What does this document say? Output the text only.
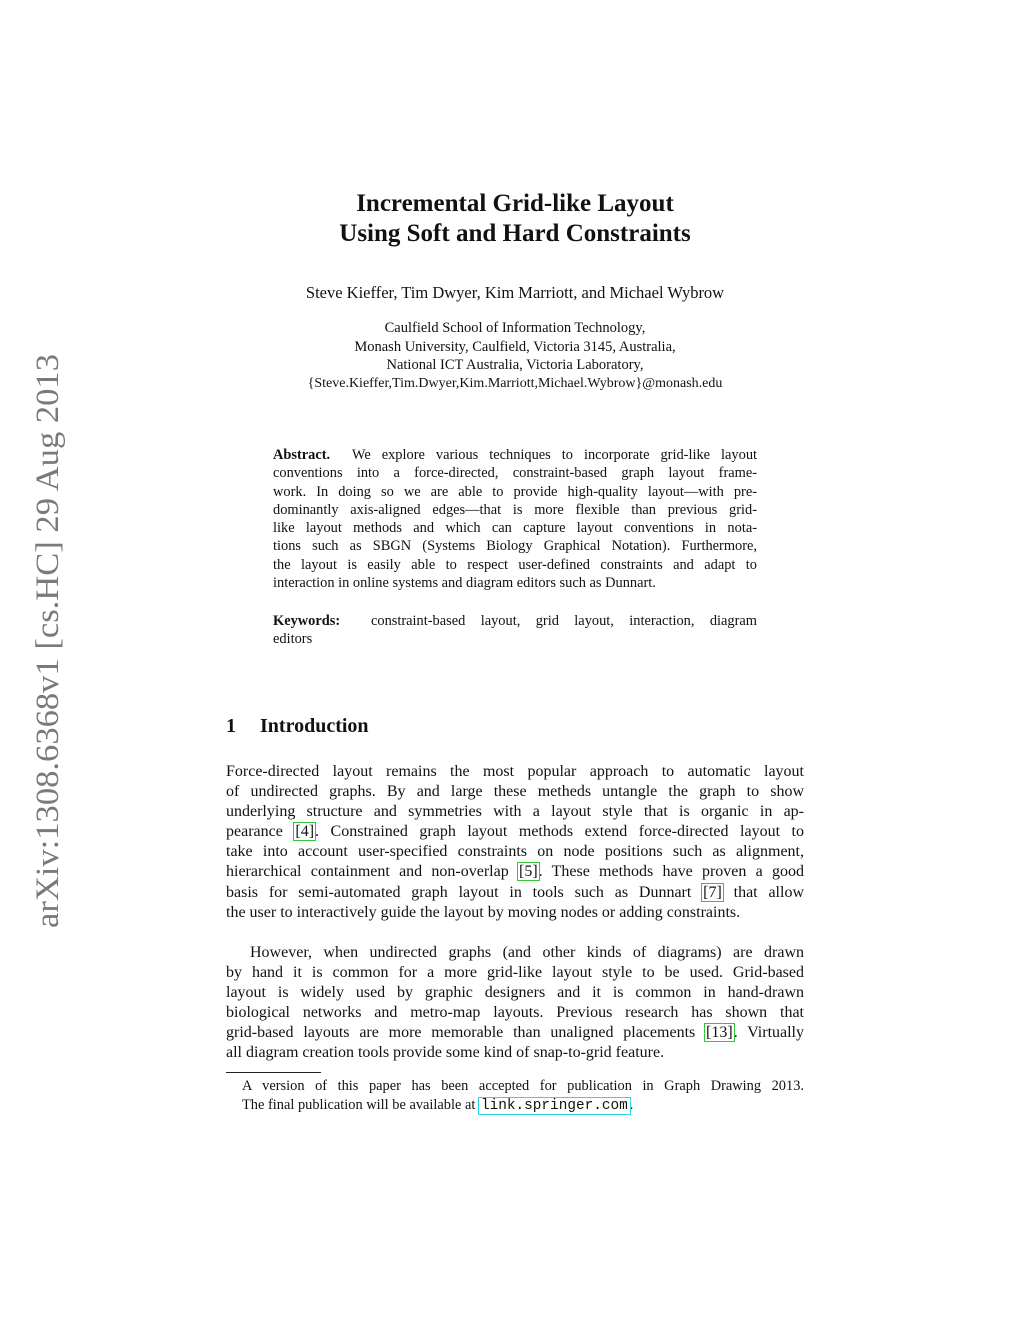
arXiv:1308.6368v1 [cs.HC] 29 Aug 2013
Incremental Grid-like Layout
Using Soft and Hard Constraints
Steve Kieffer, Tim Dwyer, Kim Marriott, and Michael Wybrow
Caulfield School of Information Technology,
Monash University, Caulfield, Victoria 3145, Australia,
National ICT Australia, Victoria Laboratory,
{Steve.Kieffer,Tim.Dwyer,Kim.Marriott,Michael.Wybrow}@monash.edu
Abstract. We explore various techniques to incorporate grid-like layout
conventions into a force-directed, constraint-based graph layout frame-
work. In doing so we are able to provide high-quality layout—with pre-
dominantly axis-aligned edges—that is more flexible than previous grid-
like layout methods and which can capture layout conventions in nota-
tions such as SBGN (Systems Biology Graphical Notation). Furthermore,
the layout is easily able to respect user-defined constraints and adapt to
interaction in online systems and diagram editors such as Dunnart.
Keywords: constraint-based layout, grid layout, interaction, diagram
editors
1 Introduction
Force-directed layout remains the most popular approach to automatic layout
of undirected graphs. By and large these metheds untangle the graph to show
underlying structure and symmetries with a layout style that is organic in ap-
pearance [4]. Constrained graph layout methods extend force-directed layout to
take into account user-specified constraints on node positions such as alignment,
hierarchical containment and non-overlap [5]. These methods have proven a good
basis for semi-automated graph layout in tools such as Dunnart [7] that allow
the user to interactively guide the layout by moving nodes or adding constraints.
However, when undirected graphs (and other kinds of diagrams) are drawn
by hand it is common for a more grid-like layout style to be used. Grid-based
layout is widely used by graphic designers and it is common in hand-drawn
biological networks and metro-map layouts. Previous research has shown that
grid-based layouts are more memorable than unaligned placements [13]. Virtually
all diagram creation tools provide some kind of snap-to-grid feature.
A version of this paper has been accepted for publication in Graph Drawing 2013.
The final publication will be available at link.springer.com .
